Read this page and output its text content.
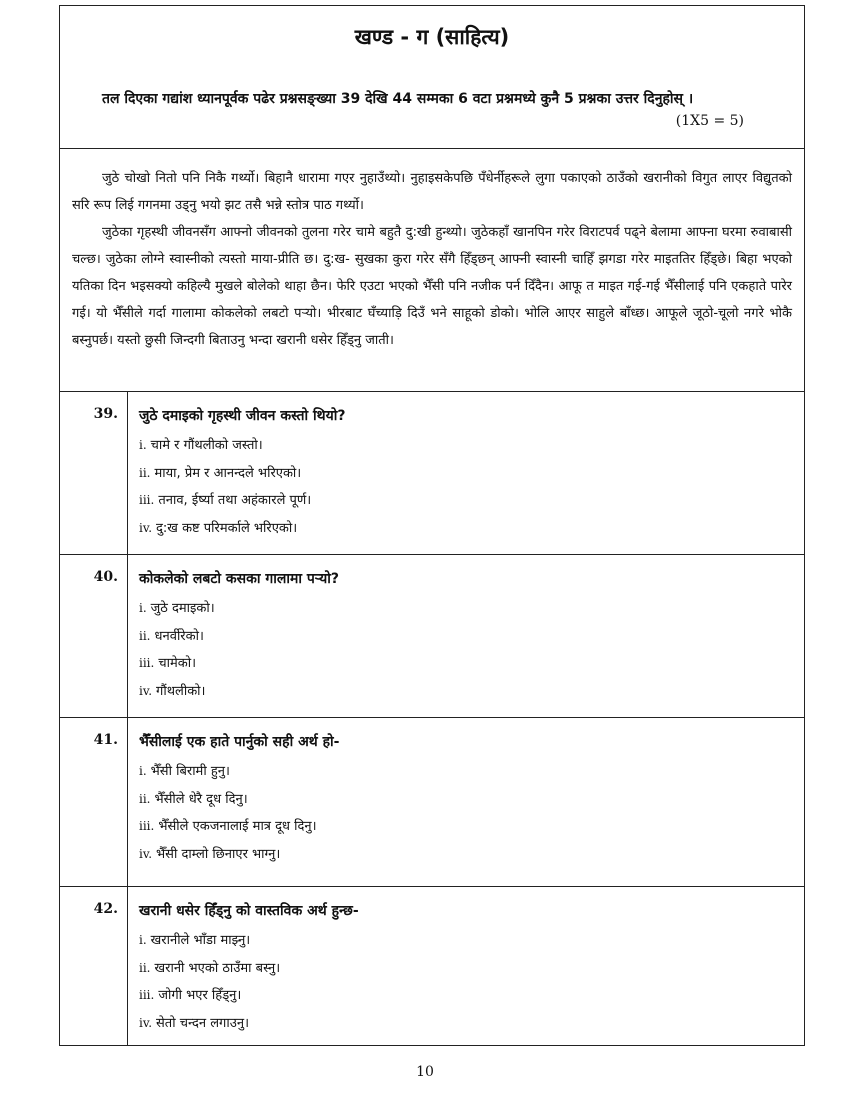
खण्ड - ग (साहित्य)
तल दिएका गद्यांश ध्यानपूर्वक पढेर प्रश्नसङ्ख्या 39 देखि 44 सम्मका 6 वटा प्रश्नमध्ये कुनै 5 प्रश्नका उत्तर दिनुहोस् ।
(1X5 = 5)

जुठे चोखो नितो पनि निकै गर्थ्यो। बिहानै धारामा गएर नुहाउँथ्यो। नुहाइसकेपछि पँधेर्नीहरूले लुगा पकाएको ठाउँको खरानीको विगुत लाएर विद्युतको सरि रूप लिई गगनमा उड्नु भयो झट तसै भन्ने स्तोत्र पाठ गर्थ्यो।

जुठेका गृहस्थी जीवनसँग आफ्नो जीवनको तुलना गरेर चामे बहुतै दु:खी हुन्थ्यो। जुठेकहाँ खानपिन गरेर विराटपर्व पढ्ने बेलामा आफ्ना घरमा रुवाबासी चल्छ। जुठेका लोग्ने स्वास्नीको त्यस्तो माया-प्रीति छ। दु:ख- सुखका कुरा गरेर सँगै हिँड्छन् आफ्नी स्वास्नी चाहिँ झगडा गरेर माइततिर हिँड्छे। बिहा भएको यतिका दिन भइसक्यो कहिल्यै मुखले बोलेको थाहा छैन। फेरि एउटा भएको भैँसी पनि नजीक पर्न दिँदैन। आफू त माइत गई-गई भैँसीलाई पनि एकहाते पारेर गई। यो भैँसीले गर्दा गालामा कोकलेको लबटो पऱ्यो। भीरबाट घँच्याड़ि दिउँ भने साहूको डोको। भोलि आएर साहुले बाँध्छ। आफूले जूठो-चूलो नगरे भोकै बस्नुपर्छ। यस्तो छुसी जिन्दगी बिताउनु भन्दा खरानी धसेर हिँड्नु जाती।

39.	जुठे दमाइको गृहस्थी जीवन कस्तो थियो?
i. चामे र गौंथलीको जस्तो।
ii. माया, प्रेम र आनन्दले भरिएको।
iii. तनाव, ईर्ष्या तथा अहंकारले पूर्ण।
iv. दु:ख कष्ट परिमर्काले भरिएको।
40.	कोकलेको लबटो कसका गालामा पऱ्यो?
i. जुठे दमाइको।
ii. धनर्वीरेको।
iii. चामेको।
iv. गौंथलीको।
41.	भैँसीलाई एक हाते पार्नुको सही अर्थ हो-
i. भैँसी बिरामी हुनु।
ii. भैँसीले धेरै दूध दिनु।
iii. भैँसीले एकजनालाई मात्र दूध दिनु।
iv. भैँसी दाम्लो छिनाएर भाग्नु।
42.	खरानी धसेर हिँड्नु को वास्तविक अर्थ हुन्छ-
i. खरानीले भाँडा माझ्नु।
ii. खरानी भएको ठाउँमा बस्नु।
iii. जोगी भएर हिँड्नु।
iv. सेतो चन्दन लगाउनु।
10
